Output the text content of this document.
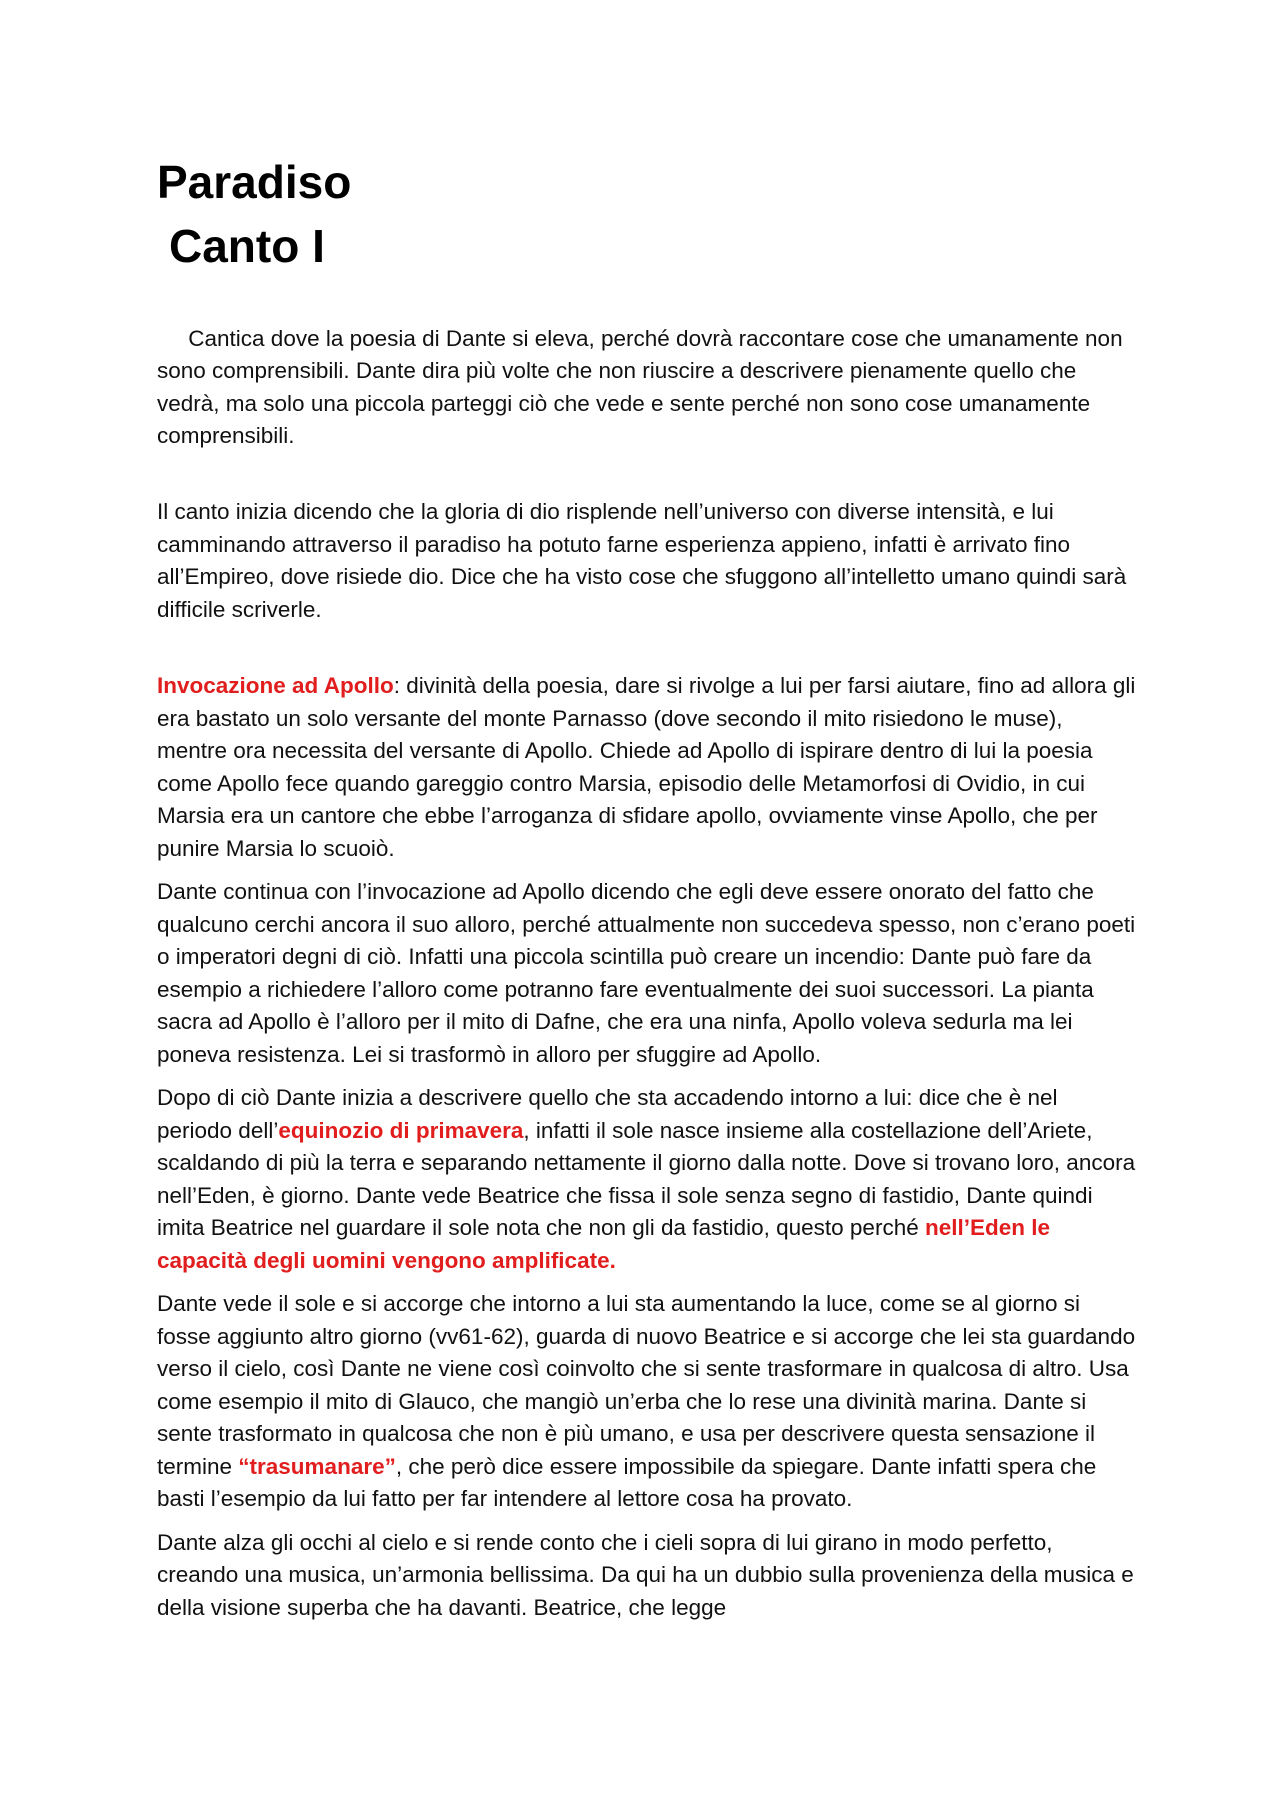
Paradiso
Canto I

Cantica dove la poesia di Dante si eleva, perché dovrà raccontare cose che umanamente non sono comprensibili. Dante dira più volte che non riuscire a descrivere pienamente quello che vedrà, ma solo una piccola parteggi ciò che vede e sente perché non sono cose umanamente comprensibili.

Il canto inizia dicendo che la gloria di dio risplende nell’universo con diverse intensità, e lui camminando attraverso il paradiso ha potuto farne esperienza appieno, infatti è arrivato fino all’Empireo, dove risiede dio. Dice che ha visto cose che sfuggono all’intelletto umano quindi sarà difficile scriverle.

Invocazione ad Apollo: divinità della poesia, dare si rivolge a lui per farsi aiutare, fino ad allora gli era bastato un solo versante del monte Parnasso (dove secondo il mito risiedono le muse), mentre ora necessita del versante di Apollo. Chiede ad Apollo di ispirare dentro di lui la poesia come Apollo fece quando gareggio contro Marsia, episodio delle Metamorfosi di Ovidio, in cui Marsia era un cantore che ebbe l’arroganza di sfidare apollo, ovviamente vinse Apollo, che per punire Marsia lo scuoiò.

Dante continua con l’invocazione ad Apollo dicendo che egli deve essere onorato del fatto che qualcuno cerchi ancora il suo alloro, perché attualmente non succedeva spesso, non c’erano poeti o imperatori degni di ciò. Infatti una piccola scintilla può creare un incendio: Dante può fare da esempio a richiedere l’alloro come potranno fare eventualmente dei suoi successori. La pianta sacra ad Apollo è l’alloro per il mito di Dafne, che era una ninfa, Apollo voleva sedurla ma lei poneva resistenza. Lei si trasformò in alloro per sfuggire ad Apollo.

Dopo di ciò Dante inizia a descrivere quello che sta accadendo intorno a lui: dice che è nel periodo dell’equinozio di primavera, infatti il sole nasce insieme alla costellazione dell’Ariete, scaldando di più la terra e separando nettamente il giorno dalla notte. Dove si trovano loro, ancora nell’Eden, è giorno. Dante vede Beatrice che fissa il sole senza segno di fastidio, Dante quindi imita Beatrice nel guardare il sole nota che non gli da fastidio, questo perché nell’Eden le capacità degli uomini vengono amplificate.

Dante vede il sole e si accorge che intorno a lui sta aumentando la luce, come se al giorno si fosse aggiunto altro giorno (vv61-62), guarda di nuovo Beatrice e si accorge che lei sta guardando verso il cielo, così Dante ne viene così coinvolto che si sente trasformare in qualcosa di altro. Usa come esempio il mito di Glauco, che mangiò un’erba che lo rese una divinità marina. Dante si sente trasformato in qualcosa che non è più umano, e usa per descrivere questa sensazione il termine “trasumanare”, che però dice essere impossibile da spiegare. Dante infatti spera che basti l’esempio da lui fatto per far intendere al lettore cosa ha provato.

Dante alza gli occhi al cielo e si rende conto che i cieli sopra di lui girano in modo perfetto, creando una musica, un’armonia bellissima. Da qui ha un dubbio sulla provenienza della musica e della visione superba che ha davanti. Beatrice, che legge
